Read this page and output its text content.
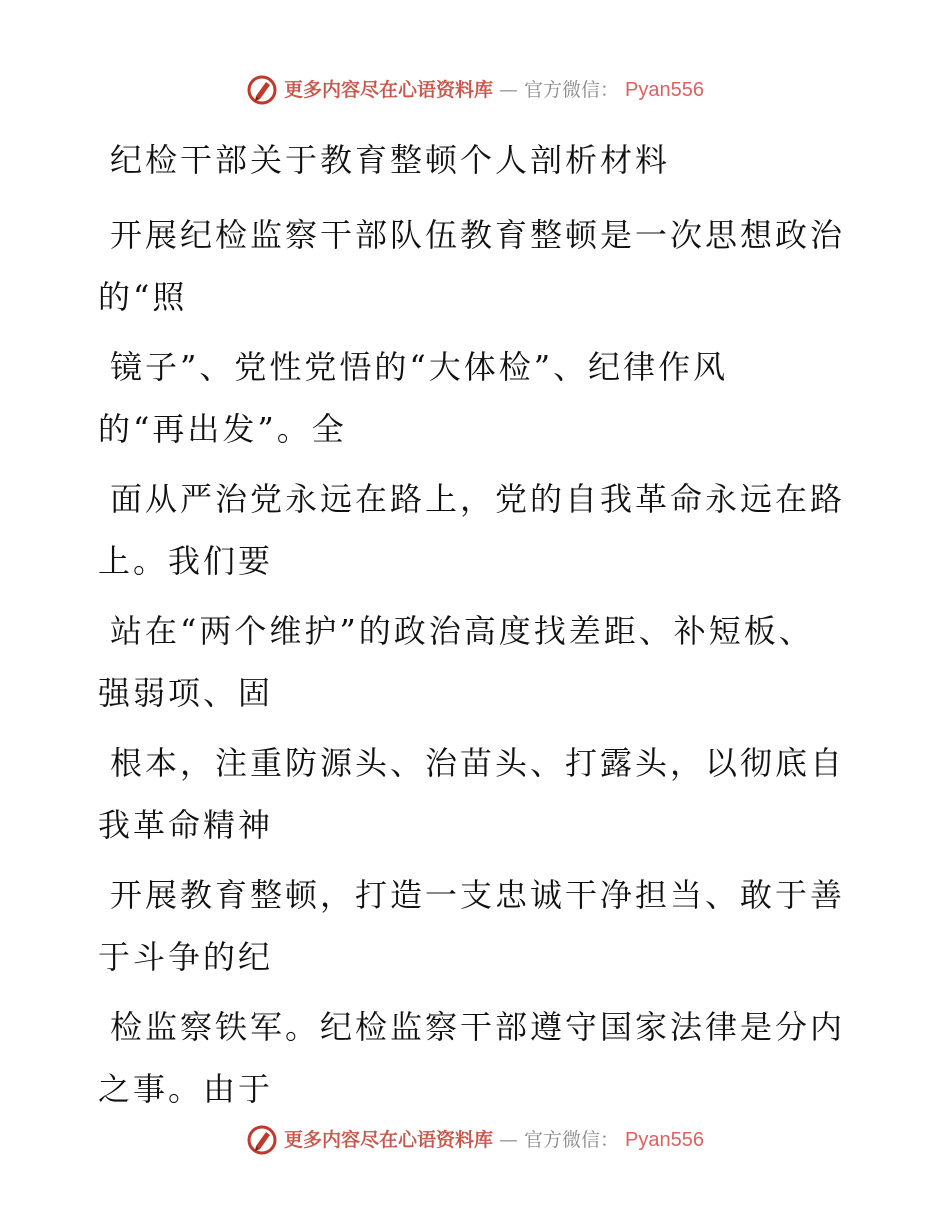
更多内容尽在心语资料库 — 官方微信： Pyan556
纪检干部关于教育整顿个人剖析材料

开展纪检监察干部队伍教育整顿是一次思想政治
的“照

镜子”、党性党悟的“大体检”、纪律作风
的“再出发”。全

面从严治党永远在路上，党的自我革命永远在路
上。我们要

站在“两个维护”的政治高度找差距、补短板、
强弱项、固

根本，注重防源头、治苗头、打露头，以彻底自
我革命精神

开展教育整顿，打造一支忠诚干净担当、敢于善
于斗争的纪

检监察铁军。纪检监察干部遵守国家法律是分内
之事。由于

更多内容尽在心语资料库 — 官方微信： Pyan556
